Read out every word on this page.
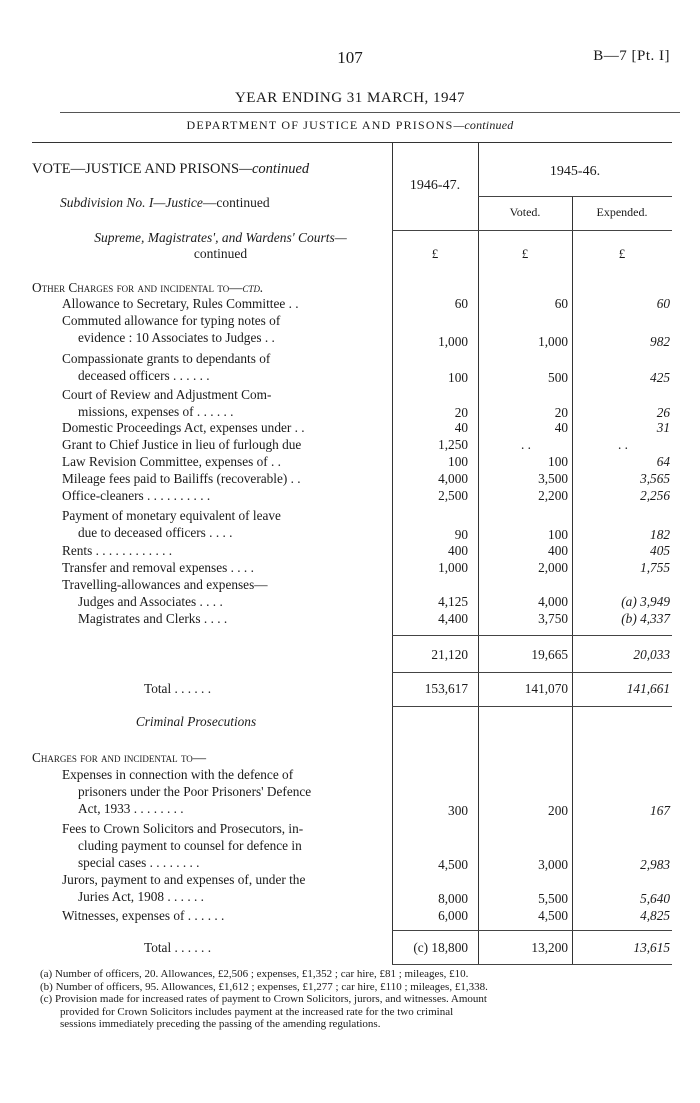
107	B—7 [Pt. I]
YEAR ENDING 31 MARCH, 1947
DEPARTMENT OF JUSTICE AND PRISONS—continued
1946-47.
1945-46.
Voted.	Expended.
£	£	£
VOTE—JUSTICE AND PRISONS—continued
Subdivision No. I—Justice—continued
Supreme, Magistrates', and Wardens' Courts—
continued
Other Charges for and incidental to—ctd.
Allowance to Secretary, Rules Committee . .	60	60	60
Commuted allowance for typing notes of
evidence : 10 Associates to Judges . .	1,000	1,000	982
Compassionate grants to dependants of
deceased officers . . . . . .	100	500	425
Court of Review and Adjustment Com-
missions, expenses of . . . . . .	20	20	26
Domestic Proceedings Act, expenses under . .	40	40	31
Grant to Chief Justice in lieu of furlough due	1,250	. .	. .
Law Revision Committee, expenses of . .	100	100	64
Mileage fees paid to Bailiffs (recoverable) . .	4,000	3,500	3,565
Office-cleaners . . . . . . . . . .	2,500	2,200	2,256
Payment of monetary equivalent of leave
due to deceased officers . . . .	90	100	182
Rents . . . . . . . . . . . .	400	400	405
Transfer and removal expenses . . . .	1,000	2,000	1,755
Travelling-allowances and expenses—
Judges and Associates . . . .	4,125	4,000	(a) 3,949
Magistrates and Clerks . . . .	4,400	3,750	(b) 4,337
21,120	19,665	20,033
Total . . . . . .	153,617	141,070	141,661
Criminal Prosecutions
Charges for and incidental to—
Expenses in connection with the defence of
prisoners under the Poor Prisoners' Defence
Act, 1933 . . . . . . . .	300	200	167
Fees to Crown Solicitors and Prosecutors, in-
cluding payment to counsel for defence in
special cases . . . . . . . .	4,500	3,000	2,983
Jurors, payment to and expenses of, under the
Juries Act, 1908 . . . . . .	8,000	5,500	5,640
Witnesses, expenses of . . . . . .	6,000	4,500	4,825
Total . . . . . .	(c) 18,800	13,200	13,615

(a) Number of officers, 20. Allowances, £2,506 ; expenses, £1,352 ; car hire, £81 ; mileages, £10.

(b) Number of officers, 95. Allowances, £1,612 ; expenses, £1,277 ; car hire, £110 ; mileages, £1,338.

(c) Provision made for increased rates of payment to Crown Solicitors, jurors, and witnesses. Amount

provided for Crown Solicitors includes payment at the increased rate for the two criminal

sessions immediately preceding the passing of the amending regulations.
